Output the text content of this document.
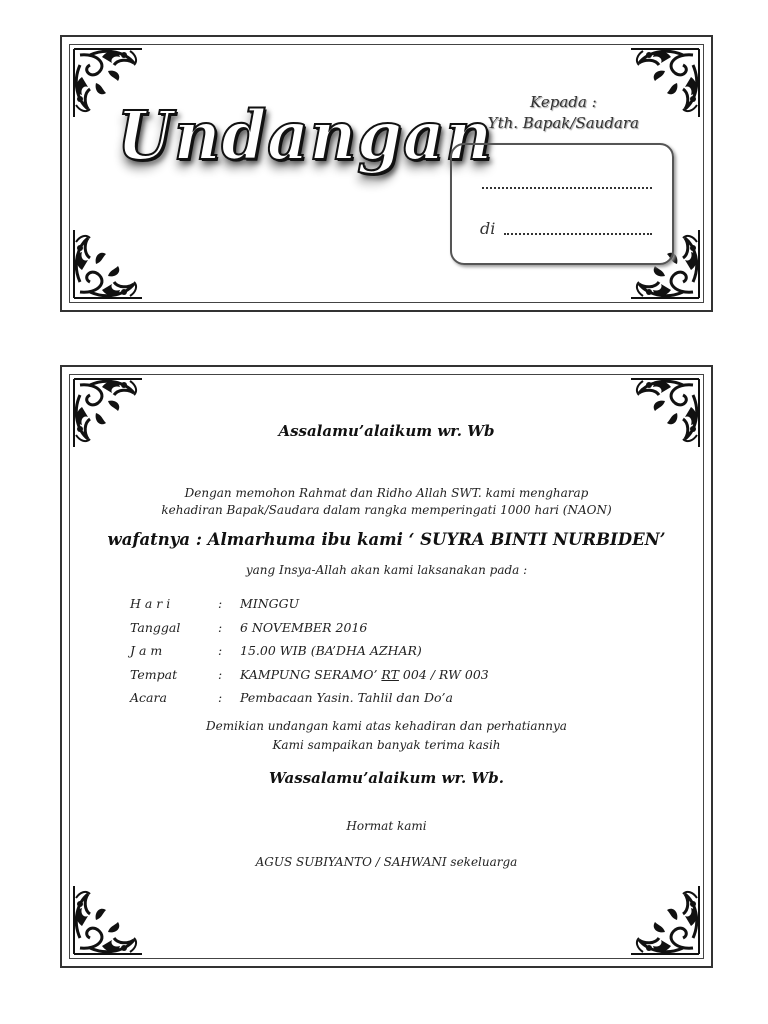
Undangan	Kepada :
Yth. Bapak/Saudara
di
Assalamu’alaikum wr. Wb
Dengan memohon Rahmat dan Ridho Allah SWT. kami mengharap
kehadiran Bapak/Saudara dalam rangka memperingati 1000 hari (NAON)
wafatnya : Almarhuma ibu kami ‘ SUYRA BINTI NURBIDEN’
yang Insya-Allah akan kami laksanakan pada :
H a r i	:	MINGGU
Tanggal	:	6 NOVEMBER 2016
J a m	:	15.00 WIB (BA’DHA AZHAR)
Tempat	:	KAMPUNG SERAMO’ RT 004 / RW 003
Acara	:	Pembacaan Yasin. Tahlil dan Do’a
Demikian undangan kami atas kehadiran dan perhatiannya
Kami sampaikan banyak terima kasih
Wassalamu’alaikum wr. Wb.
Hormat kami
AGUS SUBIYANTO / SAHWANI sekeluarga
